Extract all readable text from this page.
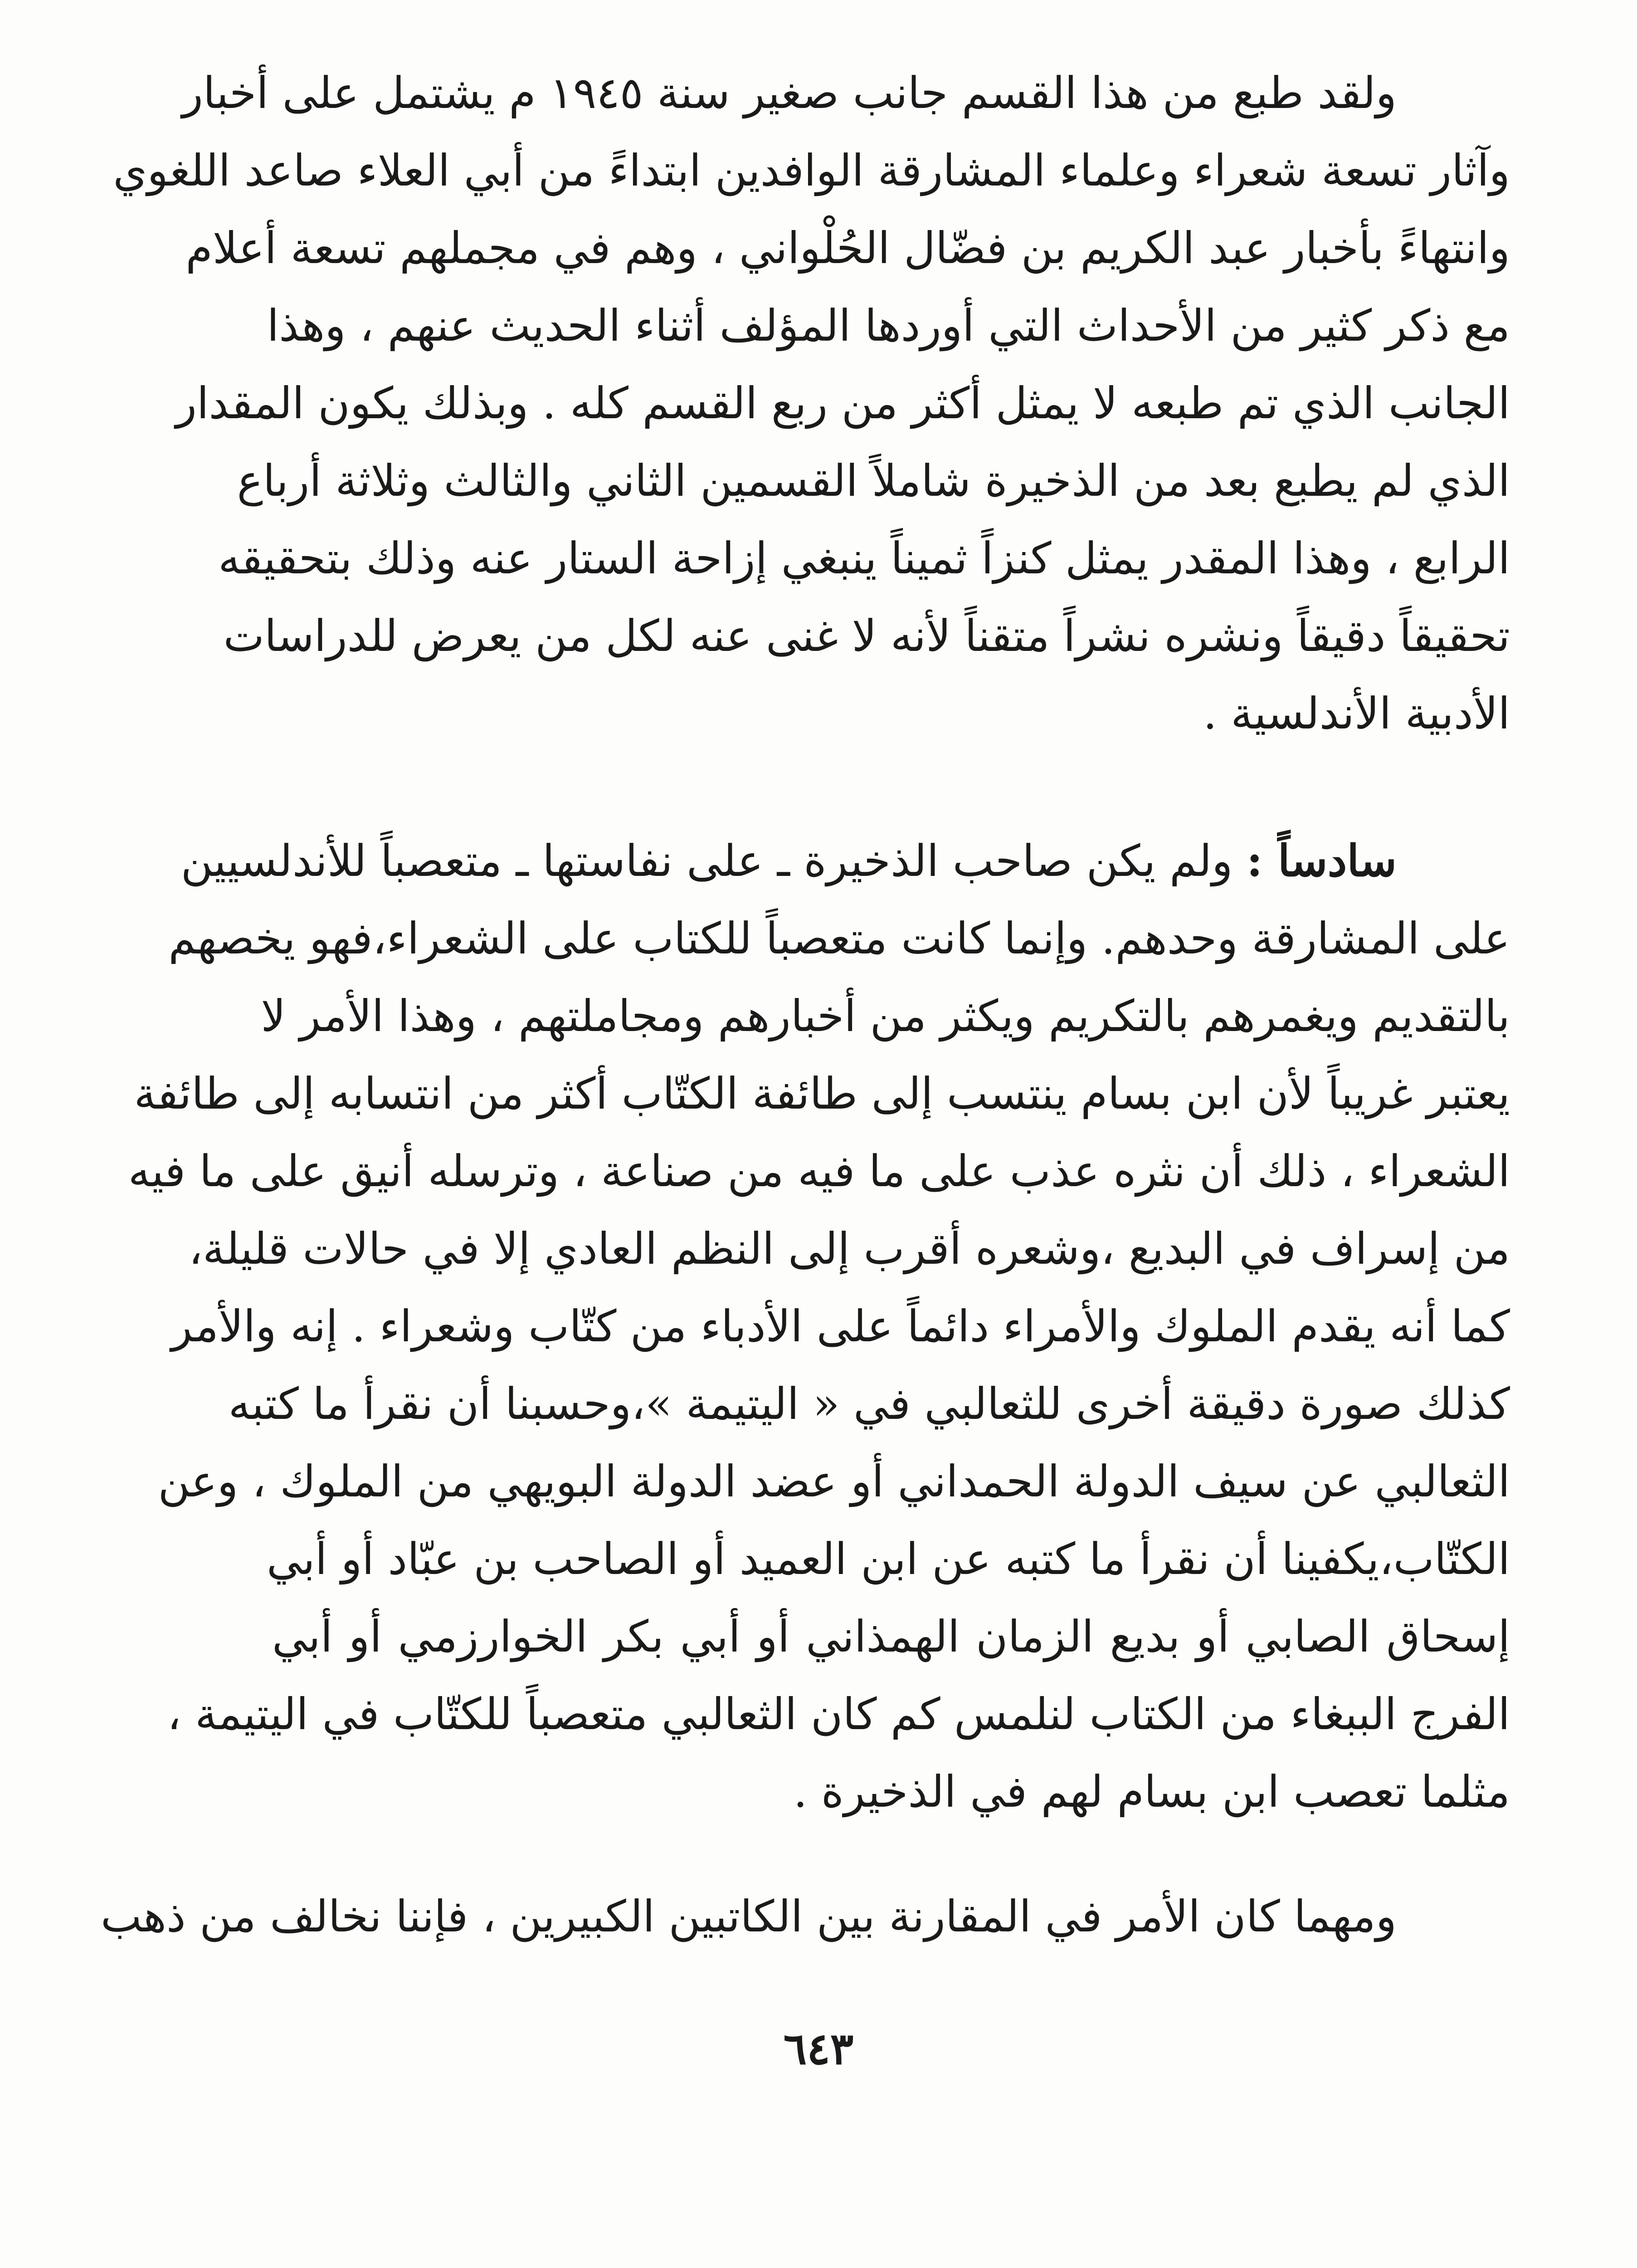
ولقد طبع من هذا القسم جانب صغير سنة ١٩٤٥ م يشتمل على أخبار
وآثار تسعة شعراء وعلماء المشارقة الوافدين ابتداءً من أبي العلاء صاعد اللغوي
وانتهاءً بأخبار عبد الكريم بن فضّال الحُلْواني ، وهم في مجملهم تسعة أعلام
مع ذكر كثير من الأحداث التي أوردها المؤلف أثناء الحديث عنهم ، وهذا
الجانب الذي تم طبعه لا يمثل أكثر من ربع القسم كله . وبذلك يكون المقدار
الذي لم يطبع بعد من الذخيرة شاملاً القسمين الثاني والثالث وثلاثة أرباع
الرابع ، وهذا المقدر يمثل كنزاً ثميناً ينبغي إزاحة الستار عنه وذلك بتحقيقه
تحقيقاً دقيقاً ونشره نشراً متقناً لأنه لا غنى عنه لكل من يعرض للدراسات
الأدبية الأندلسية .
سادساً : ولم يكن صاحب الذخيرة ـ على نفاستها ـ متعصباً للأندلسيين
على المشارقة وحدهم. وإنما كانت متعصباً للكتاب على الشعراء،فهو يخصهم
بالتقديم ويغمرهم بالتكريم ويكثر من أخبارهم ومجاملتهم ، وهذا الأمر لا
يعتبر غريباً لأن ابن بسام ينتسب إلى طائفة الكتّاب أكثر من انتسابه إلى طائفة
الشعراء ، ذلك أن نثره عذب على ما فيه من صناعة ، وترسله أنيق على ما فيه
من إسراف في البديع ،وشعره أقرب إلى النظم العادي إلا في حالات قليلة،
كما أنه يقدم الملوك والأمراء دائماً على الأدباء من كتّاب وشعراء . إنه والأمر
كذلك صورة دقيقة أخرى للثعالبي في « اليتيمة »،وحسبنا أن نقرأ ما كتبه
الثعالبي عن سيف الدولة الحمداني أو عضد الدولة البويهي من الملوك ، وعن
الكتّاب،يكفينا أن نقرأ ما كتبه عن ابن العميد أو الصاحب بن عبّاد أو أبي
إسحاق الصابي أو بديع الزمان الهمذاني أو أبي بكر الخوارزمي أو أبي
الفرج الببغاء من الكتاب لنلمس كم كان الثعالبي متعصباً للكتّاب في اليتيمة ،
مثلما تعصب ابن بسام لهم في الذخيرة .
ومهما كان الأمر في المقارنة بين الكاتبين الكبيرين ، فإننا نخالف من ذهب
٦٤٣
